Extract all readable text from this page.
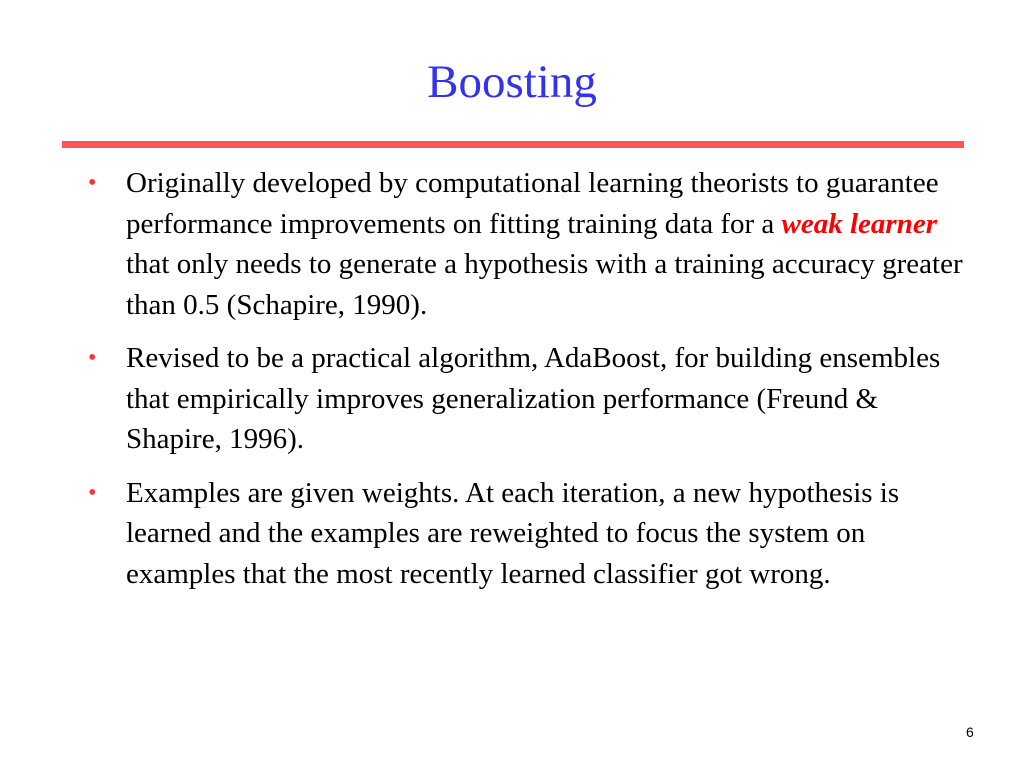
Boosting
• Originally developed by computational learning theorists to guarantee performance improvements on fitting training data for a weak learner that only needs to generate a hypothesis with a training accuracy greater than 0.5 (Schapire, 1990).
• Revised to be a practical algorithm, AdaBoost, for building ensembles that empirically improves generalization performance (Freund & Shapire, 1996).
• Examples are given weights. At each iteration, a new hypothesis is learned and the examples are reweighted to focus the system on examples that the most recently learned classifier got wrong.
6
